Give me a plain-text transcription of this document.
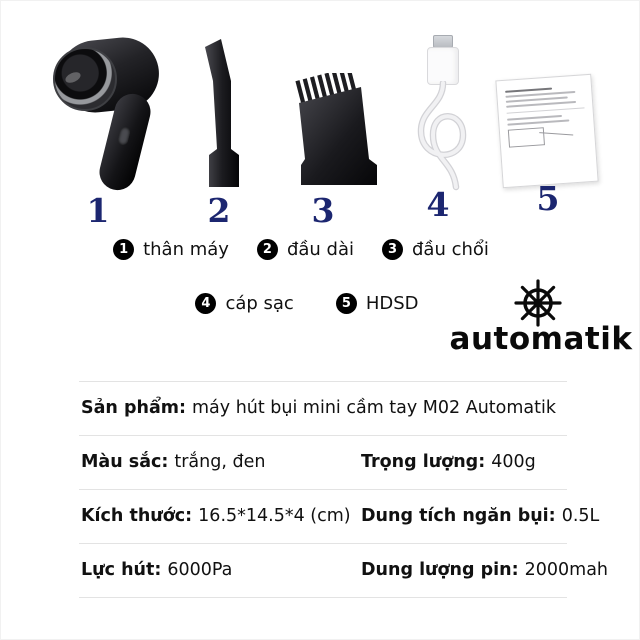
1	2 3	4	5
1 thân máy	2 đầu dài	3 đầu chổi
4 cáp sạc	5 HDSD
automatik
Sản phẩm: máy hút bụi mini cầm tay M02 Automatik
Màu sắc: trắng, đen	Trọng lượng: 400g
Kích thước: 16.5*14.5*4 (cm) Dung tích ngăn bụi: 0.5L
Lực hút: 6000Pa	Dung lượng pin: 2000mah
